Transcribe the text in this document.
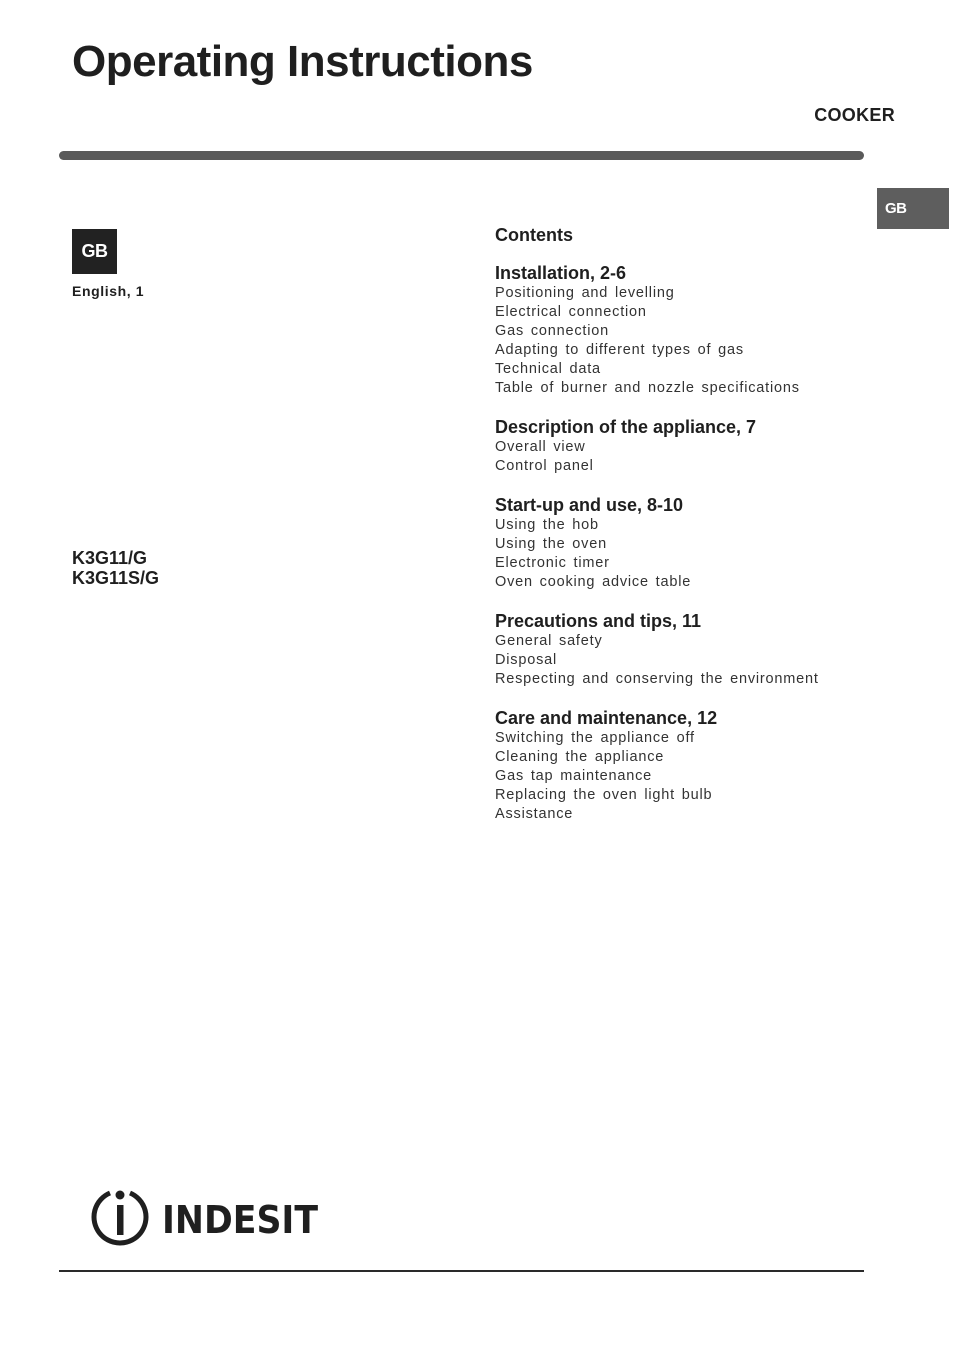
Operating Instructions
COOKER
GB
GB
English, 1
K3G11/G
K3G11S/G
Contents
Installation, 2-6
Positioning and levelling
Electrical connection
Gas connection
Adapting to different types of gas
Technical data
Table of burner and nozzle specifications
Description of the appliance, 7
Overall view
Control panel
Start-up and use, 8-10
Using the hob
Using the oven
Electronic timer
Oven cooking advice table
Precautions and tips, 11
General safety
Disposal
Respecting and conserving the environment
Care and maintenance, 12
Switching the appliance off
Cleaning the appliance
Gas tap maintenance
Replacing the oven light bulb
Assistance
INDESIT
